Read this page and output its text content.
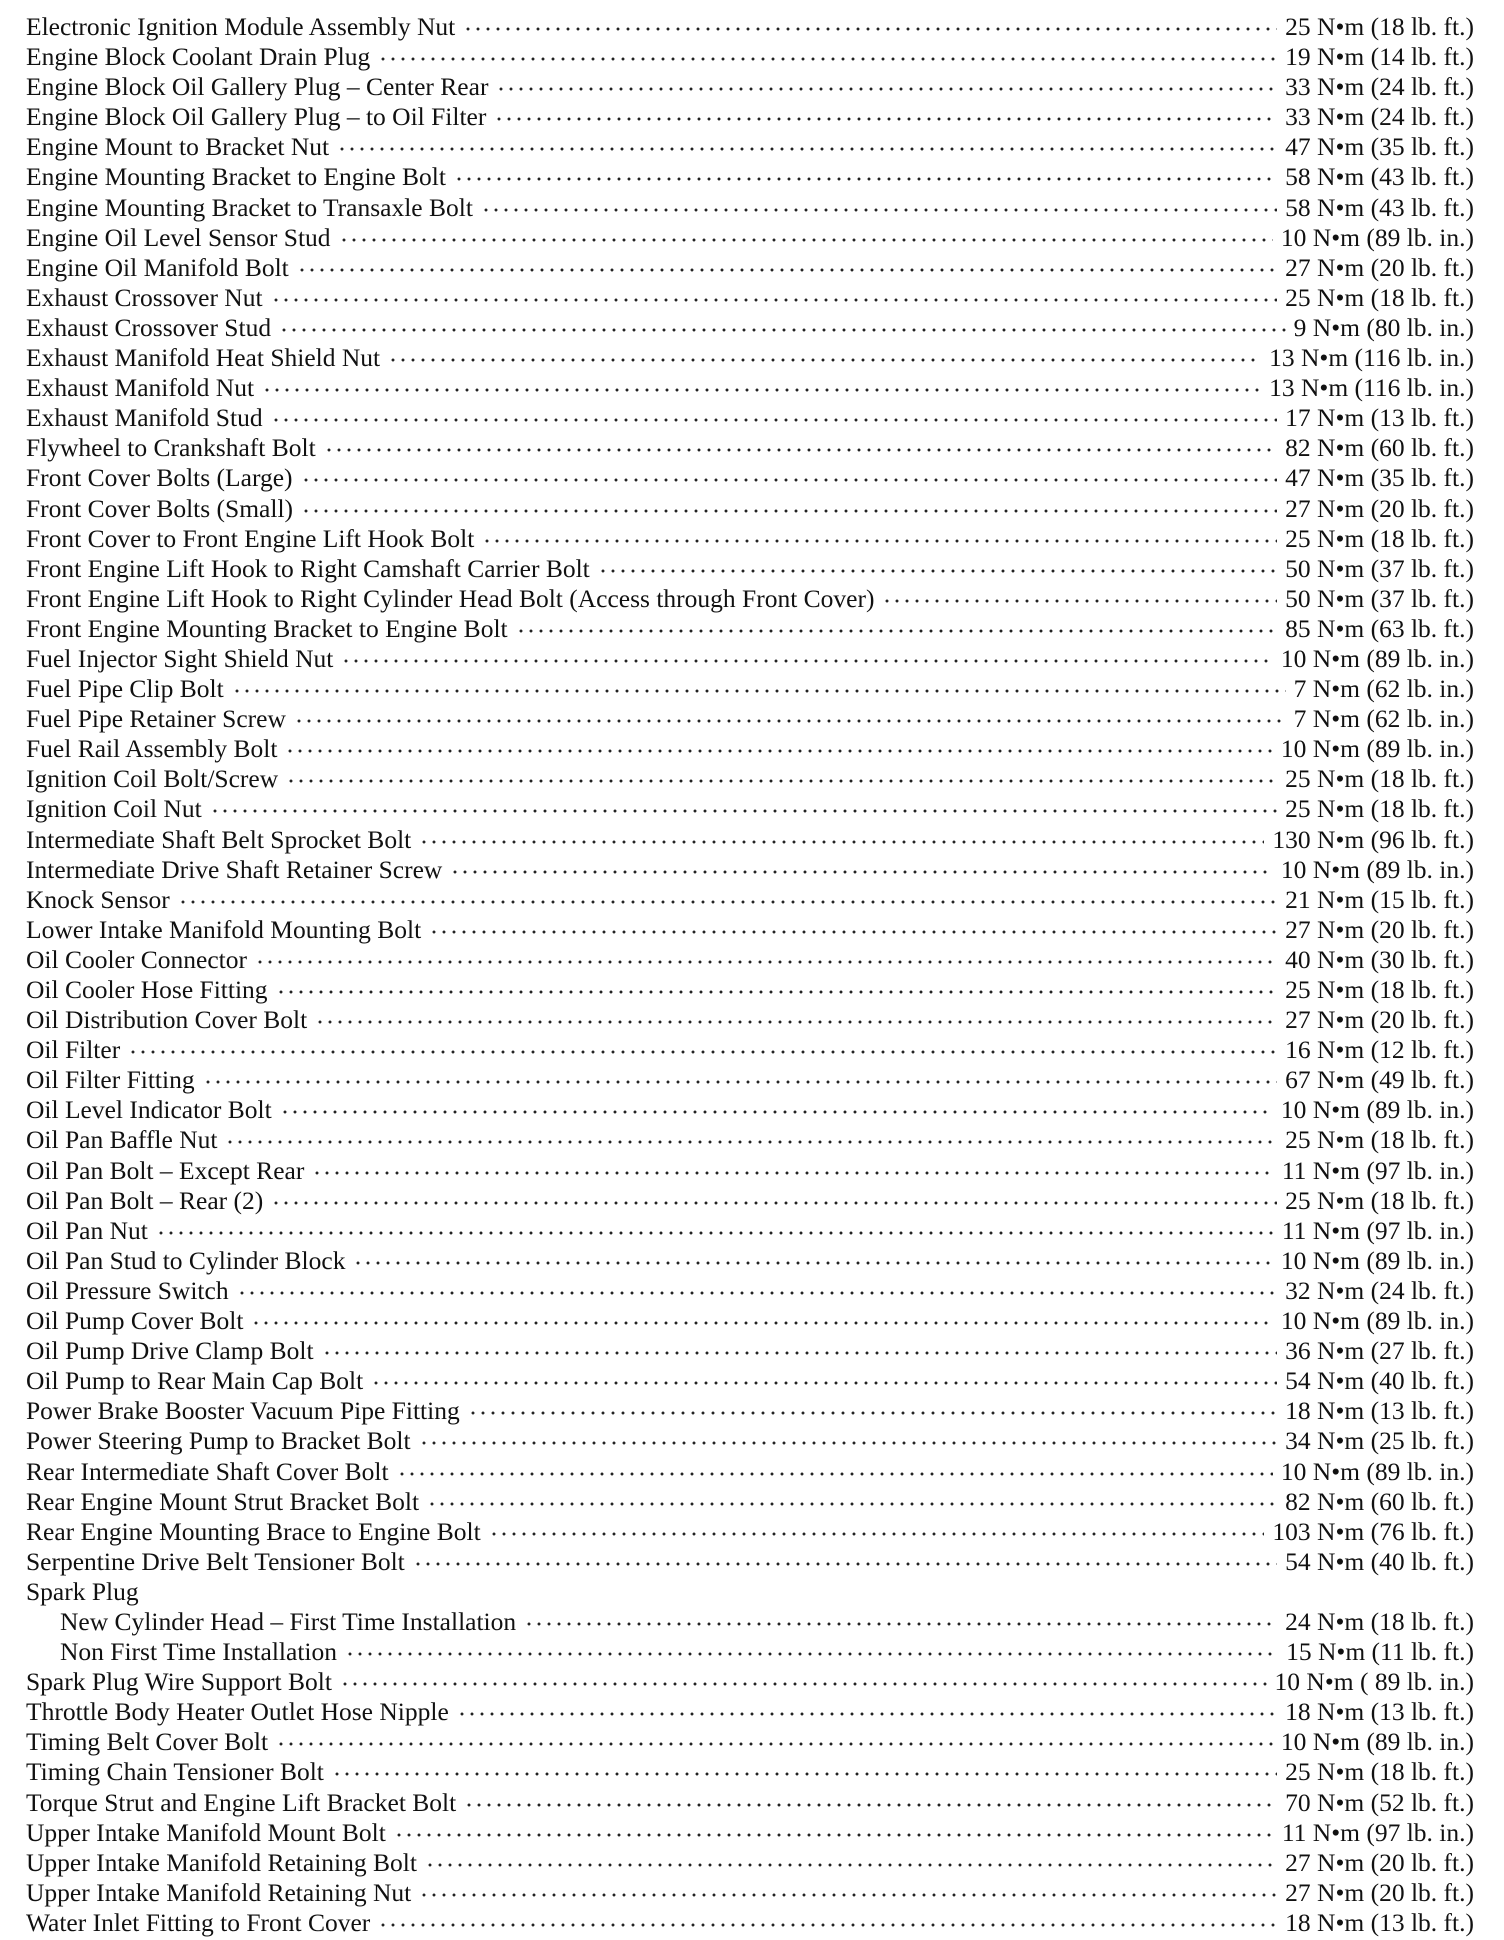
Electronic Ignition Module Assembly Nut	25 N•m (18 lb. ft.)
Engine Block Coolant Drain Plug	19 N•m (14 lb. ft.)
Engine Block Oil Gallery Plug – Center Rear	33 N•m (24 lb. ft.)
Engine Block Oil Gallery Plug – to Oil Filter	33 N•m (24 lb. ft.)
Engine Mount to Bracket Nut	47 N•m (35 lb. ft.)
Engine Mounting Bracket to Engine Bolt	58 N•m (43 lb. ft.)
Engine Mounting Bracket to Transaxle Bolt	58 N•m (43 lb. ft.)
Engine Oil Level Sensor Stud	10 N•m (89 lb. in.)
Engine Oil Manifold Bolt	27 N•m (20 lb. ft.)
Exhaust Crossover Nut	25 N•m (18 lb. ft.)
Exhaust Crossover Stud	9 N•m (80 lb. in.)
Exhaust Manifold Heat Shield Nut	13 N•m (116 lb. in.)
Exhaust Manifold Nut	13 N•m (116 lb. in.)
Exhaust Manifold Stud	17 N•m (13 lb. ft.)
Flywheel to Crankshaft Bolt	82 N•m (60 lb. ft.)
Front Cover Bolts (Large)	47 N•m (35 lb. ft.)
Front Cover Bolts (Small)	27 N•m (20 lb. ft.)
Front Cover to Front Engine Lift Hook Bolt	25 N•m (18 lb. ft.)
Front Engine Lift Hook to Right Camshaft Carrier Bolt	50 N•m (37 lb. ft.)
Front Engine Lift Hook to Right Cylinder Head Bolt (Access through Front Cover)	50 N•m (37 lb. ft.)
Front Engine Mounting Bracket to Engine Bolt	85 N•m (63 lb. ft.)
Fuel Injector Sight Shield Nut	10 N•m (89 lb. in.)
Fuel Pipe Clip Bolt	7 N•m (62 lb. in.)
Fuel Pipe Retainer Screw	7 N•m (62 lb. in.)
Fuel Rail Assembly Bolt	10 N•m (89 lb. in.)
Ignition Coil Bolt/Screw	25 N•m (18 lb. ft.)
Ignition Coil Nut	25 N•m (18 lb. ft.)
Intermediate Shaft Belt Sprocket Bolt	130 N•m (96 lb. ft.)
Intermediate Drive Shaft Retainer Screw	10 N•m (89 lb. in.)
Knock Sensor	21 N•m (15 lb. ft.)
Lower Intake Manifold Mounting Bolt	27 N•m (20 lb. ft.)
Oil Cooler Connector	40 N•m (30 lb. ft.)
Oil Cooler Hose Fitting	25 N•m (18 lb. ft.)
Oil Distribution Cover Bolt	27 N•m (20 lb. ft.)
Oil Filter	16 N•m (12 lb. ft.)
Oil Filter Fitting	67 N•m (49 lb. ft.)
Oil Level Indicator Bolt	10 N•m (89 lb. in.)
Oil Pan Baffle Nut	25 N•m (18 lb. ft.)
Oil Pan Bolt – Except Rear	11 N•m (97 lb. in.)
Oil Pan Bolt – Rear (2)	25 N•m (18 lb. ft.)
Oil Pan Nut	11 N•m (97 lb. in.)
Oil Pan Stud to Cylinder Block	10 N•m (89 lb. in.)
Oil Pressure Switch	32 N•m (24 lb. ft.)
Oil Pump Cover Bolt	10 N•m (89 lb. in.)
Oil Pump Drive Clamp Bolt	36 N•m (27 lb. ft.)
Oil Pump to Rear Main Cap Bolt	54 N•m (40 lb. ft.)
Power Brake Booster Vacuum Pipe Fitting	18 N•m (13 lb. ft.)
Power Steering Pump to Bracket Bolt	34 N•m (25 lb. ft.)
Rear Intermediate Shaft Cover Bolt	10 N•m (89 lb. in.)
Rear Engine Mount Strut Bracket Bolt	82 N•m (60 lb. ft.)
Rear Engine Mounting Brace to Engine Bolt	103 N•m (76 lb. ft.)
Serpentine Drive Belt Tensioner Bolt	54 N•m (40 lb. ft.)
Spark Plug
New Cylinder Head – First Time Installation	24 N•m (18 lb. ft.)
Non First Time Installation	15 N•m (11 lb. ft.)
Spark Plug Wire Support Bolt	10 N•m ( 89 lb. in.)
Throttle Body Heater Outlet Hose Nipple	18 N•m (13 lb. ft.)
Timing Belt Cover Bolt	10 N•m (89 lb. in.)
Timing Chain Tensioner Bolt	25 N•m (18 lb. ft.)
Torque Strut and Engine Lift Bracket Bolt	70 N•m (52 lb. ft.)
Upper Intake Manifold Mount Bolt	11 N•m (97 lb. in.)
Upper Intake Manifold Retaining Bolt	27 N•m (20 lb. ft.)
Upper Intake Manifold Retaining Nut	27 N•m (20 lb. ft.)
Water Inlet Fitting to Front Cover	18 N•m (13 lb. ft.)
